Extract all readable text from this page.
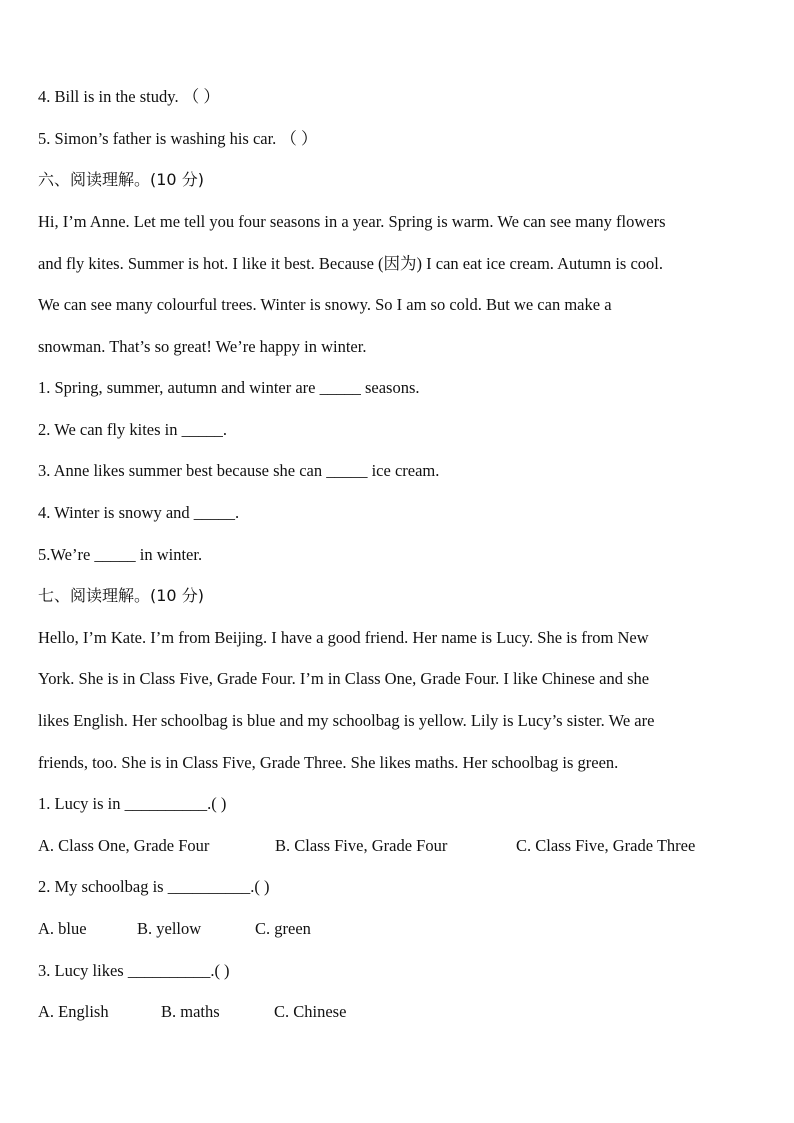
4. Bill is in the study. （ ）
5. Simon’s father is washing his car. （ ）
六、阅读理解。(10 分)
Hi, I’m Anne. Let me tell you four seasons in a year. Spring is warm. We can see many flowers
and fly kites. Summer is hot. I like it best. Because (因为) I can eat ice cream. Autumn is cool.
We can see many colourful trees. Winter is snowy. So I am so cold. But we can make a
snowman. That’s so great! We’re happy in winter.
1. Spring, summer, autumn and winter are _____ seasons.
2. We can fly kites in _____.
3. Anne likes summer best because she can _____ ice cream.
4. Winter is snowy and _____.
5.We’re _____ in winter.
七、阅读理解。(10 分)
Hello, I’m Kate. I’m from Beijing. I have a good friend. Her name is Lucy. She is from New
York. She is in Class Five, Grade Four. I’m in Class One, Grade Four. I like Chinese and she
likes English. Her schoolbag is blue and my schoolbag is yellow. Lily is Lucy’s sister. We are
friends, too. She is in Class Five, Grade Three. She likes maths. Her schoolbag is green.
1. Lucy is in __________.( )
A. Class One, Grade Four	B. Class Five, Grade Four	C. Class Five, Grade Three
2. My schoolbag is __________.( )
A. blue	B. yellow	C. green
3. Lucy likes __________.( )
A. English	B. maths	C. Chinese
